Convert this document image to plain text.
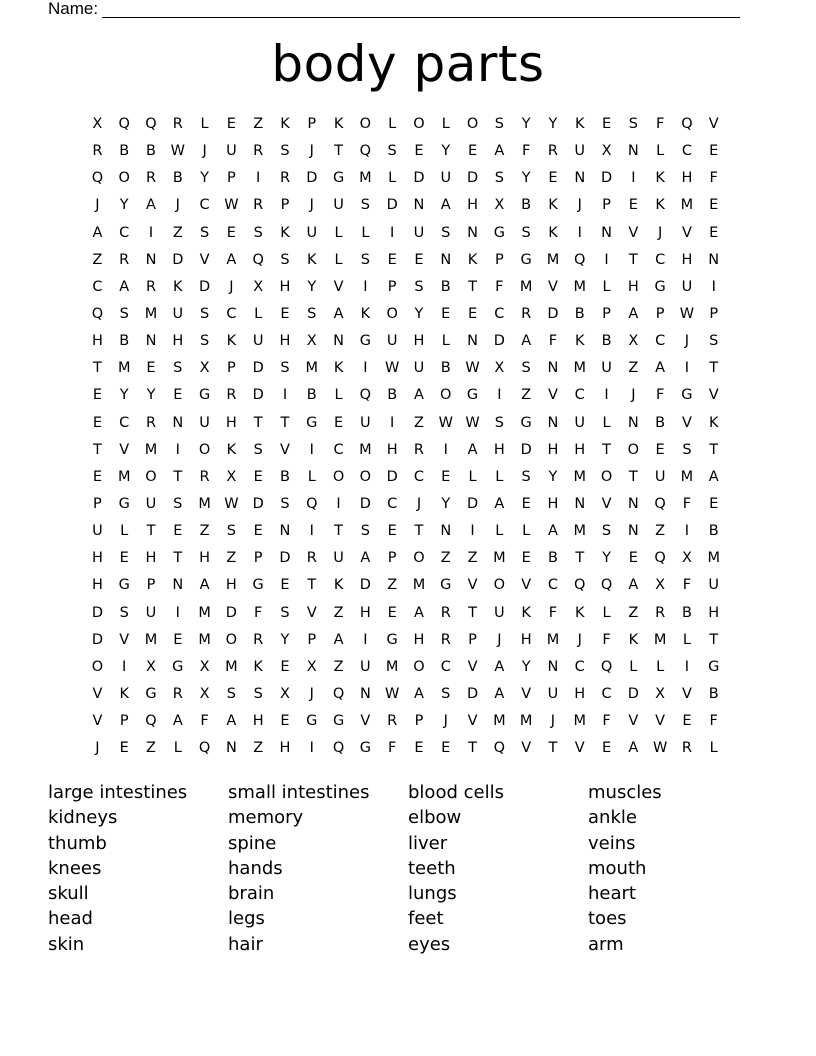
Name:
body parts
X	Q	Q	R	L	E	Z	K	P	K	O	L	O	L	O	S	Y	Y	K	E	S	F	Q	V
R	B	B	W	J	U	R	S	J	T	Q	S	E	Y	E	A	F	R	U	X	N	L	C	E
Q	O	R	B	Y	P	I	R	D	G	M	L	D	U	D	S	Y	E	N	D	I	K	H	F
J	Y	A	J	C	W	R	P	J	U	S	D	N	A	H	X	B	K	J	P	E	K	M	E
A	C	I	Z	S	E	S	K	U	L	L	I	U	S	N	G	S	K	I	N	V	J	V	E
Z	R	N	D	V	A	Q	S	K	L	S	E	E	N	K	P	G	M	Q	I	T	C	H	N
C	A	R	K	D	J	X	H	Y	V	I	P	S	B	T	F	M	V	M	L	H	G	U	I
Q	S	M	U	S	C	L	E	S	A	K	O	Y	E	E	C	R	D	B	P	A	P	W	P
H	B	N	H	S	K	U	H	X	N	G	U	H	L	N	D	A	F	K	B	X	C	J	S
T	M	E	S	X	P	D	S	M	K	I	W U	B	W	X	S	N	M	U	Z	A	I	T
E	Y	Y	E	G	R	D	I	B	L	Q	B	A	O	G	I	Z	V	C	I	J	F	G	V
E	C	R	N	U	H	T	T	G	E	U	I	Z	W W	S	G	N	U	L	N	B	V	K
T	V	M	I	O	K	S	V	I	C	M	H	R	I	A	H	D	H	H	T	O	E	S	T
E	M	O	T	R	X	E	B	L	O	O	D	C	E	L	L	S	Y	M	O	T	U	M	A
P	G	U	S	M W D	S	Q	I	D	C	J	Y	D	A	E	H	N	V	N	Q	F	E
U	L	T	E	Z	S	E	N	I	T	S	E	T	N	I	L	L	A	M	S	N	Z	I	B
H	E	H	T	H	Z	P	D	R	U	A	P	O	Z	Z	M	E	B	T	Y	E	Q	X	M
H	G	P	N	A	H	G	E	T	K	D	Z	M	G	V	O	V	C	Q	Q	A	X	F	U
D	S	U	I	M	D	F	S	V	Z	H	E	A	R	T	U	K	F	K	L	Z	R	B	H
D	V	M	E	M	O	R	Y	P	A	I	G	H	R	P	J	H	M	J	F	K	M	L	T
O	I	X	G	X	M	K	E	X	Z	U	M	O	C	V	A	Y	N	C	Q	L	L	I	G
V	K	G	R	X	S	S	X	J	Q	N W	A	S	D	A	V	U	H	C	D	X	V	B
V	P	Q	A	F	A	H	E	G	G	V	R	P	J	V	M M	J	M	F	V	V	E	F
J	E	Z	L	Q	N	Z	H	I	Q	G	F	E	E	T	Q	V	T	V	E	A	W	R	L
large intestines	small intestines	blood cells	muscles
kidneys	memory	elbow	ankle
thumb	spine	liver	veins
knees	hands	teeth	mouth
skull	brain	lungs	heart
head	legs	feet	toes
skin	hair	eyes	arm
